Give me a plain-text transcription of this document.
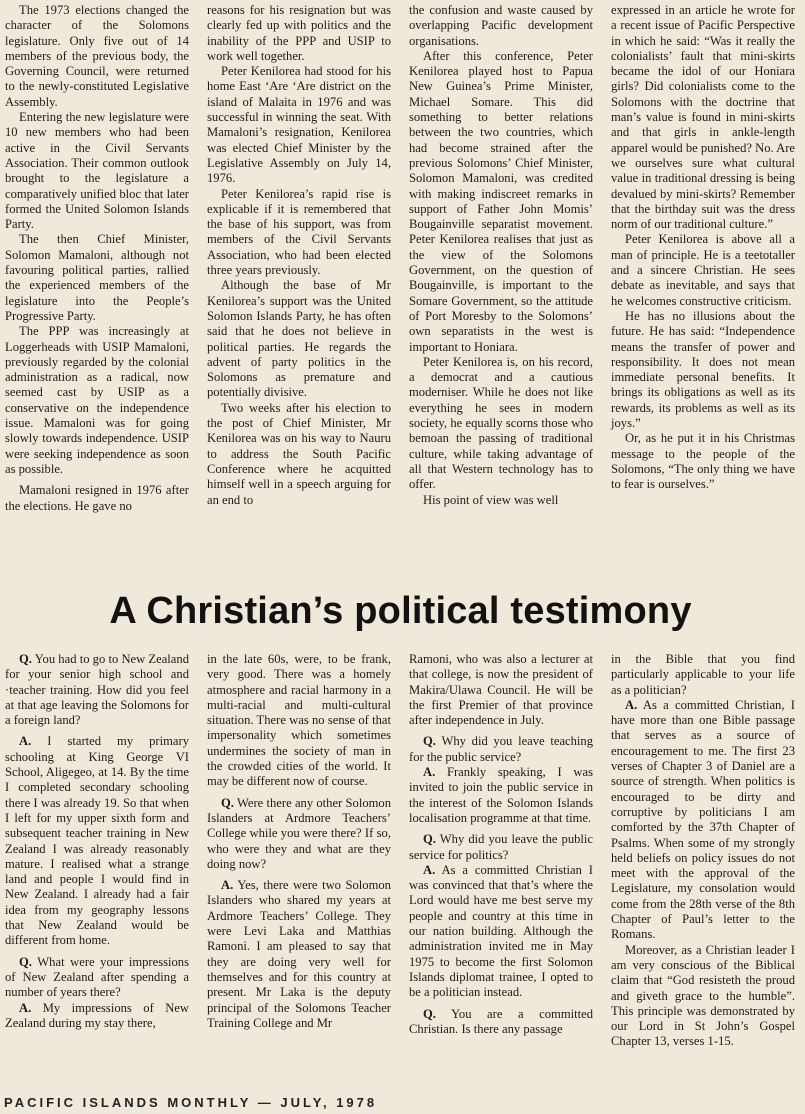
The 1973 elections changed the character of the Solomons legislature. Only five out of 14 members of the previous body, the Governing Council, were returned to the newly-constituted Legislative Assembly.

Entering the new legislature were 10 new members who had been active in the Civil Servants Association. Their common outlook brought to the legislature a comparatively unified bloc that later formed the United Solomon Islands Party.

The then Chief Minister, Solomon Mamaloni, although not favouring political parties, rallied the experienced members of the legislature into the People’s Progressive Party.

The PPP was increasingly at Loggerheads with USIP Mamaloni, previously regarded by the colonial administration as a radical, now seemed cast by USIP as a conservative on the independence issue. Mamaloni was for going slowly towards independence. USIP were seeking independence as soon as possible.

Mamaloni resigned in 1976 after the elections. He gave no

reasons for his resignation but was clearly fed up with politics and the inability of the PPP and USIP to work well together.

Peter Kenilorea had stood for his home East ‘Are ‘Are district on the island of Malaita in 1976 and was successful in winning the seat. With Mamaloni’s resignation, Kenilorea was elected Chief Minister by the Legislative Assembly on July 14, 1976.

Peter Kenilorea’s rapid rise is explicable if it is remembered that the base of his support, was from members of the Civil Servants Association, who had been elected three years previously.

Although the base of Mr Kenilorea’s support was the United Solomon Islands Party, he has often said that he does not believe in political parties. He regards the advent of party politics in the Solomons as premature and potentially divisive.

Two weeks after his election to the post of Chief Minister, Mr Kenilorea was on his way to Nauru to address the South Pacific Conference where he acquitted himself well in a speech arguing for an end to

the confusion and waste caused by overlapping Pacific development organisations.

After this conference, Peter Kenilorea played host to Papua New Guinea’s Prime Minister, Michael Somare. This did something to better relations between the two countries, which had become strained after the previous Solomons’ Chief Minister, Solomon Mamaloni, was credited with making indiscreet remarks in support of Father John Momis’ Bougainville separatist movement. Peter Kenilorea realises that just as the view of the Solomons Government, on the question of Bougainville, is important to the Somare Government, so the attitude of Port Moresby to the Solomons’ own separatists in the west is important to Honiara.

Peter Kenilorea is, on his record, a democrat and a cautious moderniser. While he does not like everything he sees in modern society, he equally scorns those who bemoan the passing of traditional culture, while taking advantage of all that Western technology has to offer.

His point of view was well

expressed in an article he wrote for a recent issue of Pacific Perspective in which he said: “Was it really the colonialists’ fault that mini-skirts became the idol of our Honiara girls? Did colonialists come to the Solomons with the doctrine that man’s value is found in mini-skirts and that girls in ankle-length apparel would be punished? No. Are we ourselves sure what cultural value in traditional dressing is being devalued by mini-skirts? Remember that the birthday suit was the dress norm of our traditional culture.”

Peter Kenilorea is above all a man of principle. He is a teetotaller and a sincere Christian. He sees debate as inevitable, and says that he welcomes constructive criticism.

He has no illusions about the future. He has said: “Independence means the transfer of power and responsibility. It does not mean immediate personal benefits. It brings its obligations as well as its rewards, its problems as well as its joys.”

Or, as he put it in his Christmas message to the people of the Solomons, “The only thing we have to fear is ourselves.”

A Christian’s political testimony

Q. You had to go to New Zealand for your senior high school and ·teacher training. How did you feel at that age leaving the Solomons for a foreign land?

A. I started my primary schooling at King George VI School, Aligegeo, at 14. By the time I completed secondary schooling there I was already 19. So that when I left for my upper sixth form and subsequent teacher training in New Zealand I was already reasonably mature. I realised what a strange land and people I would find in New Zealand. I already had a fair idea from my geography lessons that New Zealand would be different from home.

Q. What were your impressions of New Zealand after spending a number of years there?

A. My impressions of New Zealand during my stay there,

in the late 60s, were, to be frank, very good. There was a homely atmosphere and racial harmony in a multi-racial and multi-cultural situation. There was no sense of that impersonality which sometimes undermines the society of man in the crowded cities of the world. It may be different now of course.

Q. Were there any other Solomon Islanders at Ardmore Teachers’ College while you were there? If so, who were they and what are they doing now?

A. Yes, there were two Solomon Islanders who shared my years at Ardmore Teachers’ College. They were Levi Laka and Matthias Ramoni. I am pleased to say that they are doing very well for themselves and for this country at present. Mr Laka is the deputy principal of the Solomons Teacher Training College and Mr

Ramoni, who was also a lecturer at that college, is now the president of Makira/Ulawa Council. He will be the first Premier of that province after independence in July.

Q. Why did you leave teaching for the public service?

A. Frankly speaking, I was invited to join the public service in the interest of the Solomon Islands localisation programme at that time.

Q. Why did you leave the public service for politics?

A. As a committed Christian I was convinced that that’s where the Lord would have me best serve my people and country at this time in our nation building. Although the administration invited me in May 1975 to become the first Solomon Islands diplomat trainee, I opted to be a politician instead.

Q. You are a committed Christian. Is there any passage

in the Bible that you find particularly applicable to your life as a politician?

A. As a committed Christian, I have more than one Bible passage that serves as a source of encouragement to me. The first 23 verses of Chapter 3 of Daniel are a source of strength. When politics is encouraged to be dirty and corruptive by politicians I am comforted by the 37th Chapter of Psalms. When some of my strongly held beliefs on policy issues do not meet with the approval of the Legislature, my consolation would come from the 28th verse of the 8th Chapter of Paul’s letter to the Romans.

Moreover, as a Christian leader I am very conscious of the Biblical claim that “God resisteth the proud and giveth grace to the humble”. This principle was demonstrated by our Lord in St John’s Gospel Chapter 13, verses 1-15.

PACIFIC ISLANDS MONTHLY — JULY, 1978
